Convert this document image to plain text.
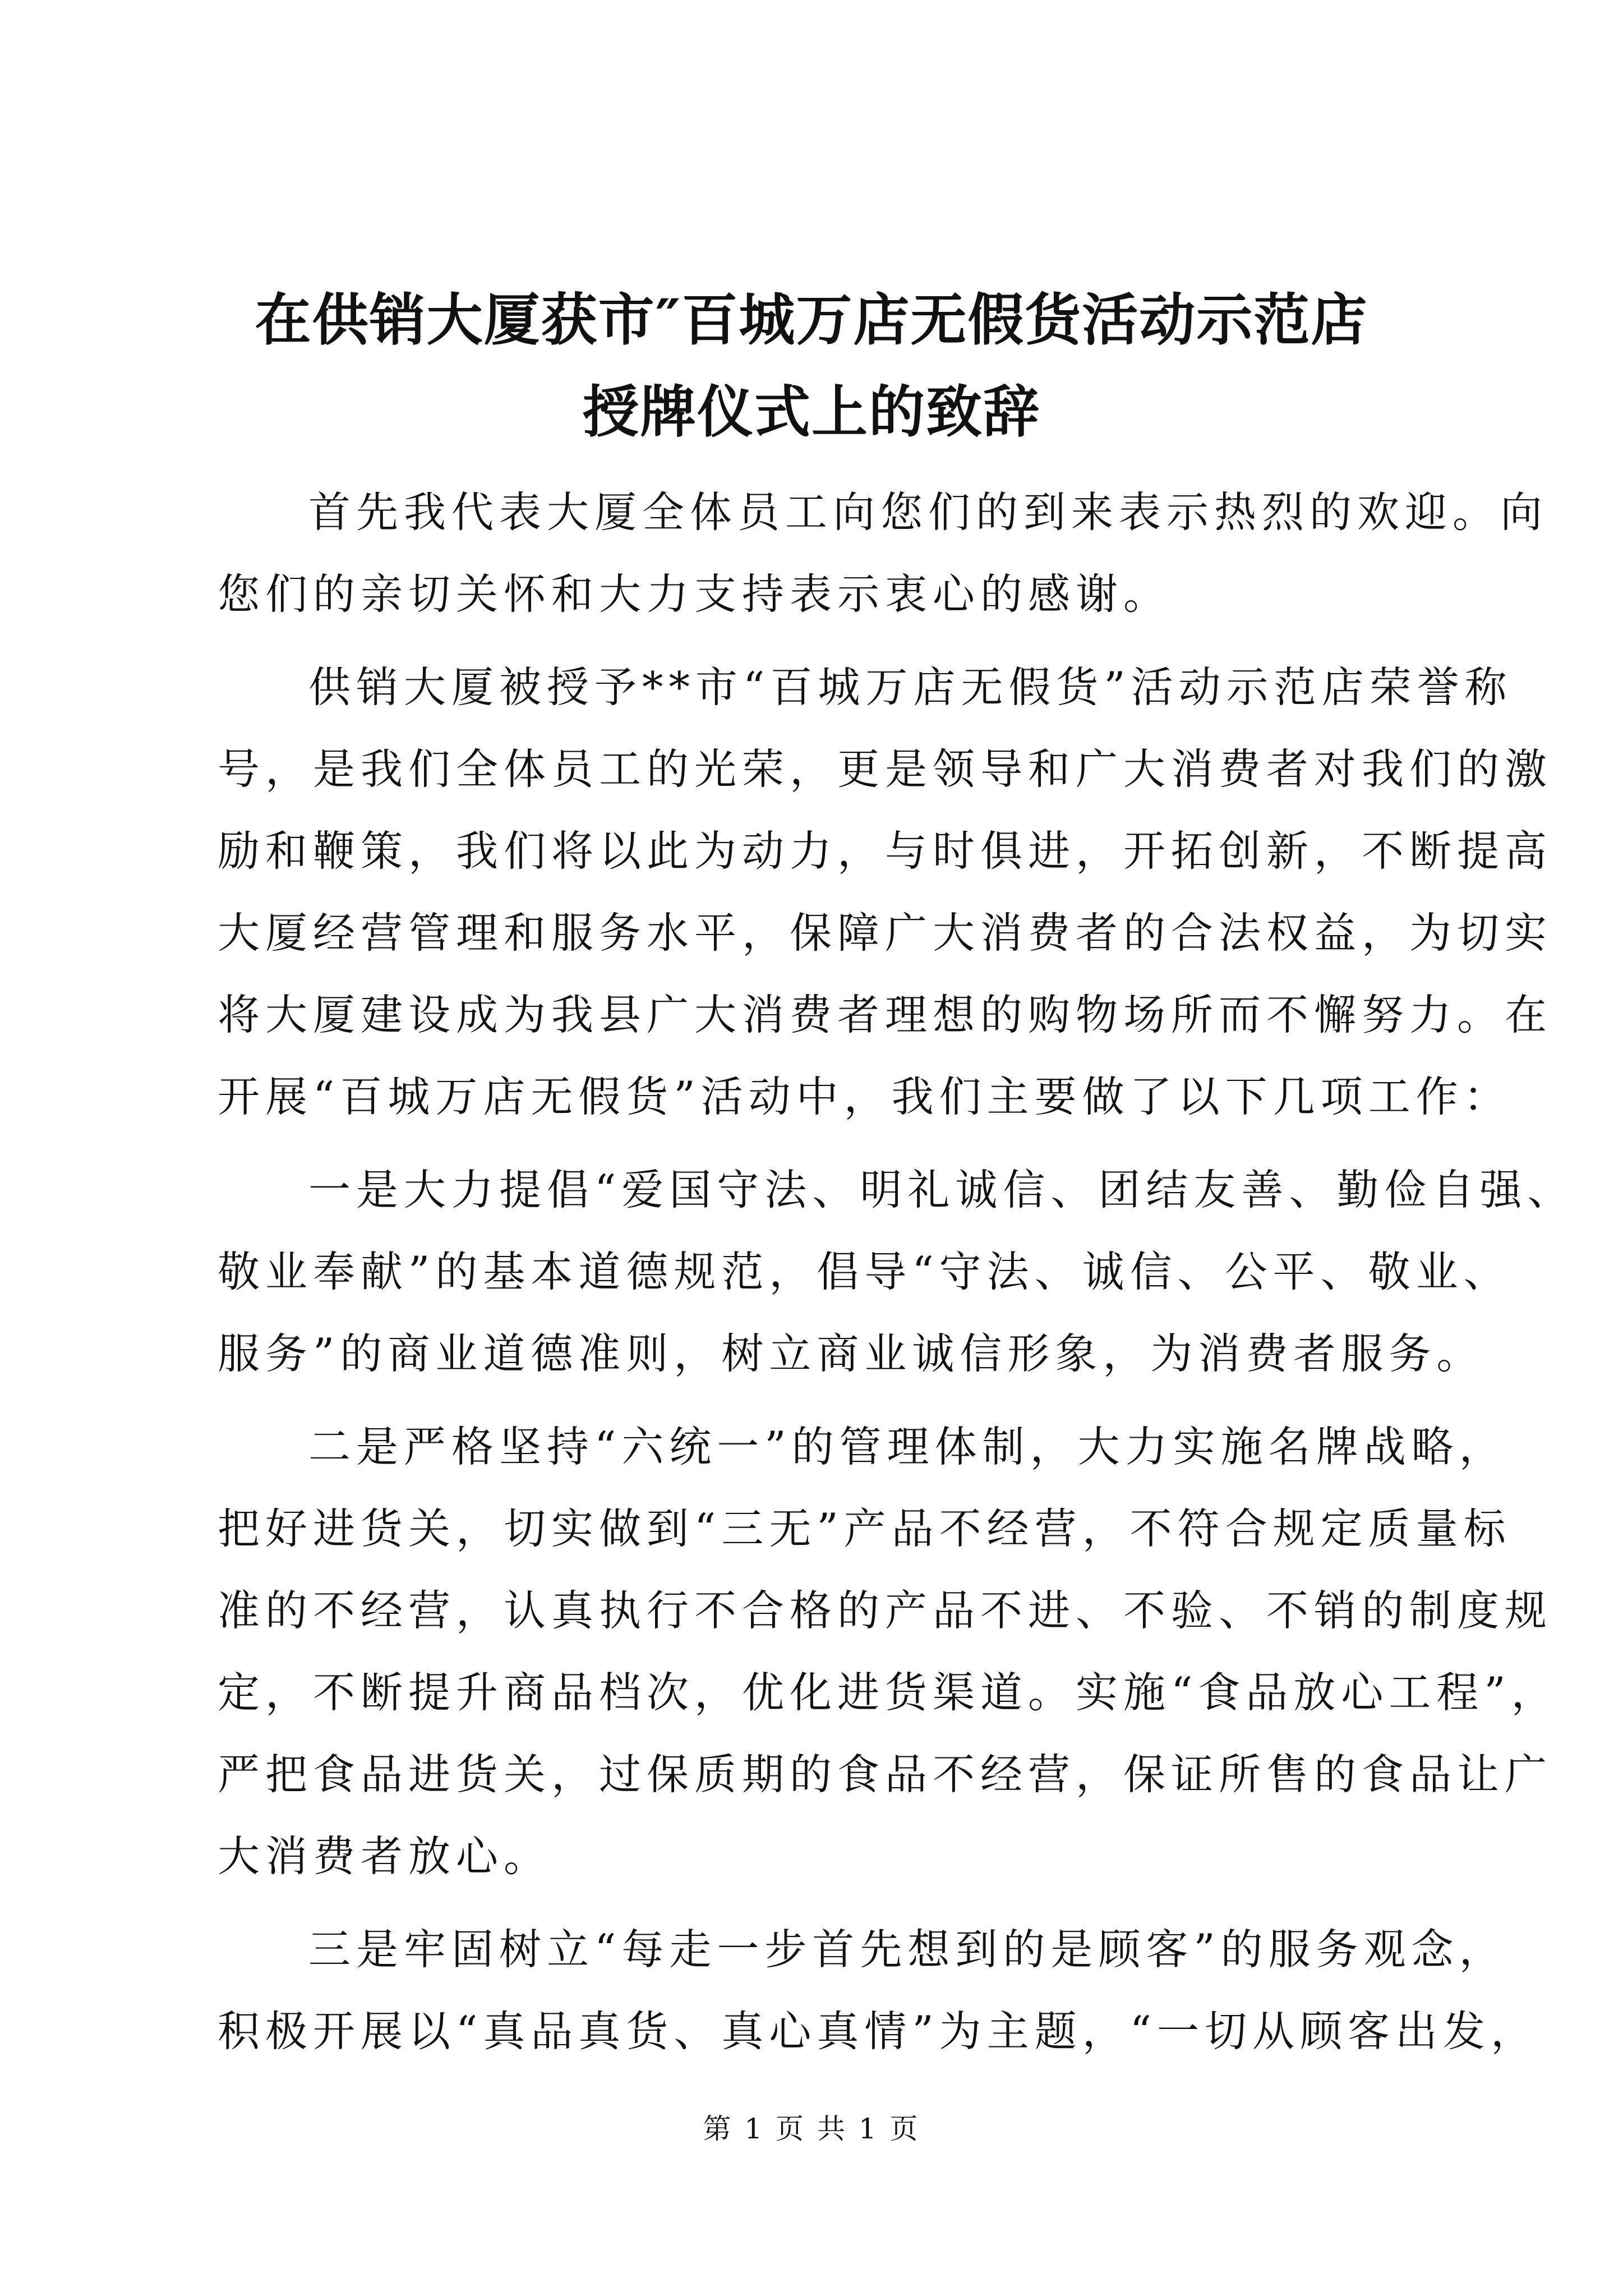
在供销大厦获市″百城万店无假货活动示范店
授牌仪式上的致辞

首先我代表大厦全体员工向您们的到来表示热烈的欢迎。向
您们的亲切关怀和大力支持表示衷心的感谢。

供销大厦被授予**市“百城万店无假货”活动示范店荣誉称
号，是我们全体员工的光荣，更是领导和广大消费者对我们的激
励和鞭策，我们将以此为动力，与时俱进，开拓创新，不断提高
大厦经营管理和服务水平，保障广大消费者的合法权益，为切实
将大厦建设成为我县广大消费者理想的购物场所而不懈努力。在
开展“百城万店无假货”活动中，我们主要做了以下几项工作：

一是大力提倡“爱国守法、明礼诚信、团结友善、勤俭自强、
敬业奉献”的基本道德规范，倡导“守法、诚信、公平、敬业、
服务”的商业道德准则，树立商业诚信形象，为消费者服务。

二是严格坚持“六统一”的管理体制，大力实施名牌战略，
把好进货关，切实做到“三无”产品不经营，不符合规定质量标
准的不经营，认真执行不合格的产品不进、不验、不销的制度规
定，不断提升商品档次，优化进货渠道。实施“食品放心工程”，
严把食品进货关，过保质期的食品不经营，保证所售的食品让广
大消费者放心。

三是牢固树立“每走一步首先想到的是顾客”的服务观念，
积极开展以“真品真货、真心真情”为主题，“一切从顾客出发，

第 1 页 共 1 页
